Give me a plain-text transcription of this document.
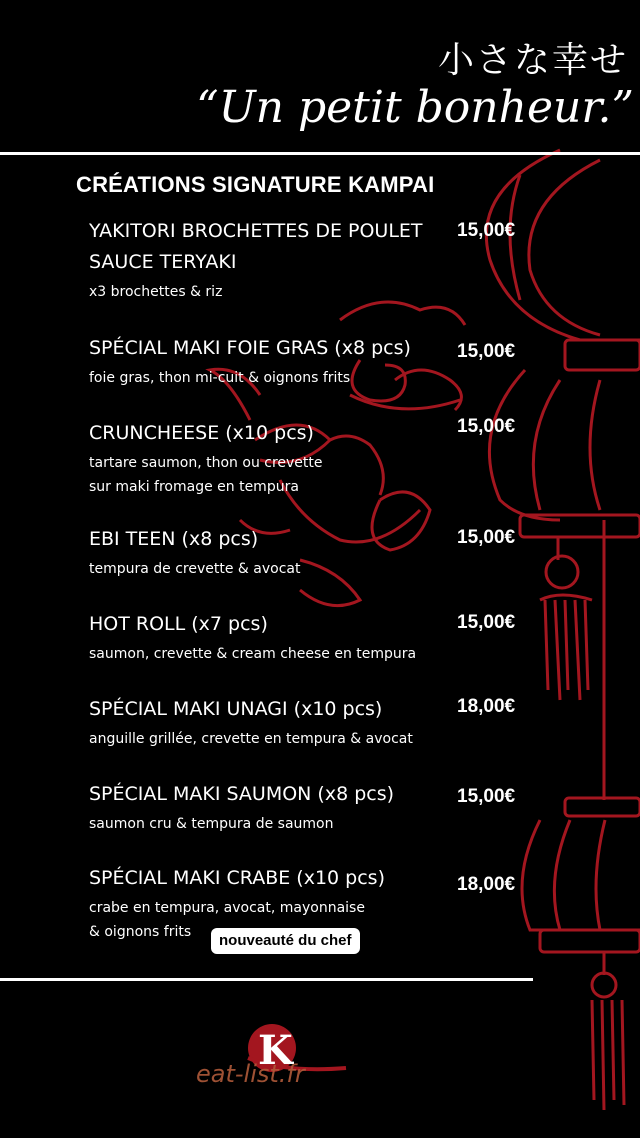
小さな幸せ
“Un petit bonheur.”
CRÉATIONS SIGNATURE KAMPAI
YAKITORI BROCHETTES DE POULET
SAUCE TERYAKI
x3 brochettes & riz
15,00€
SPÉCIAL MAKI FOIE GRAS (x8 pcs)
foie gras, thon mi-cuit & oignons frits
15,00€
CRUNCHEESE (x10 pcs)
tartare saumon, thon ou crevette
sur maki fromage en tempura
15,00€
EBI TEEN (x8 pcs)
tempura de crevette & avocat
15,00€
HOT ROLL (x7 pcs)
saumon, crevette & cream cheese en tempura
15,00€
SPÉCIAL MAKI UNAGI (x10 pcs)
anguille grillée, crevette en tempura & avocat
18,00€
SPÉCIAL MAKI SAUMON (x8 pcs)
saumon cru & tempura de saumon
15,00€
SPÉCIAL MAKI CRABE (x10 pcs)
crabe en tempura, avocat, mayonnaise
& oignons frits
18,00€
nouveauté du chef
K
eat-list.fr
